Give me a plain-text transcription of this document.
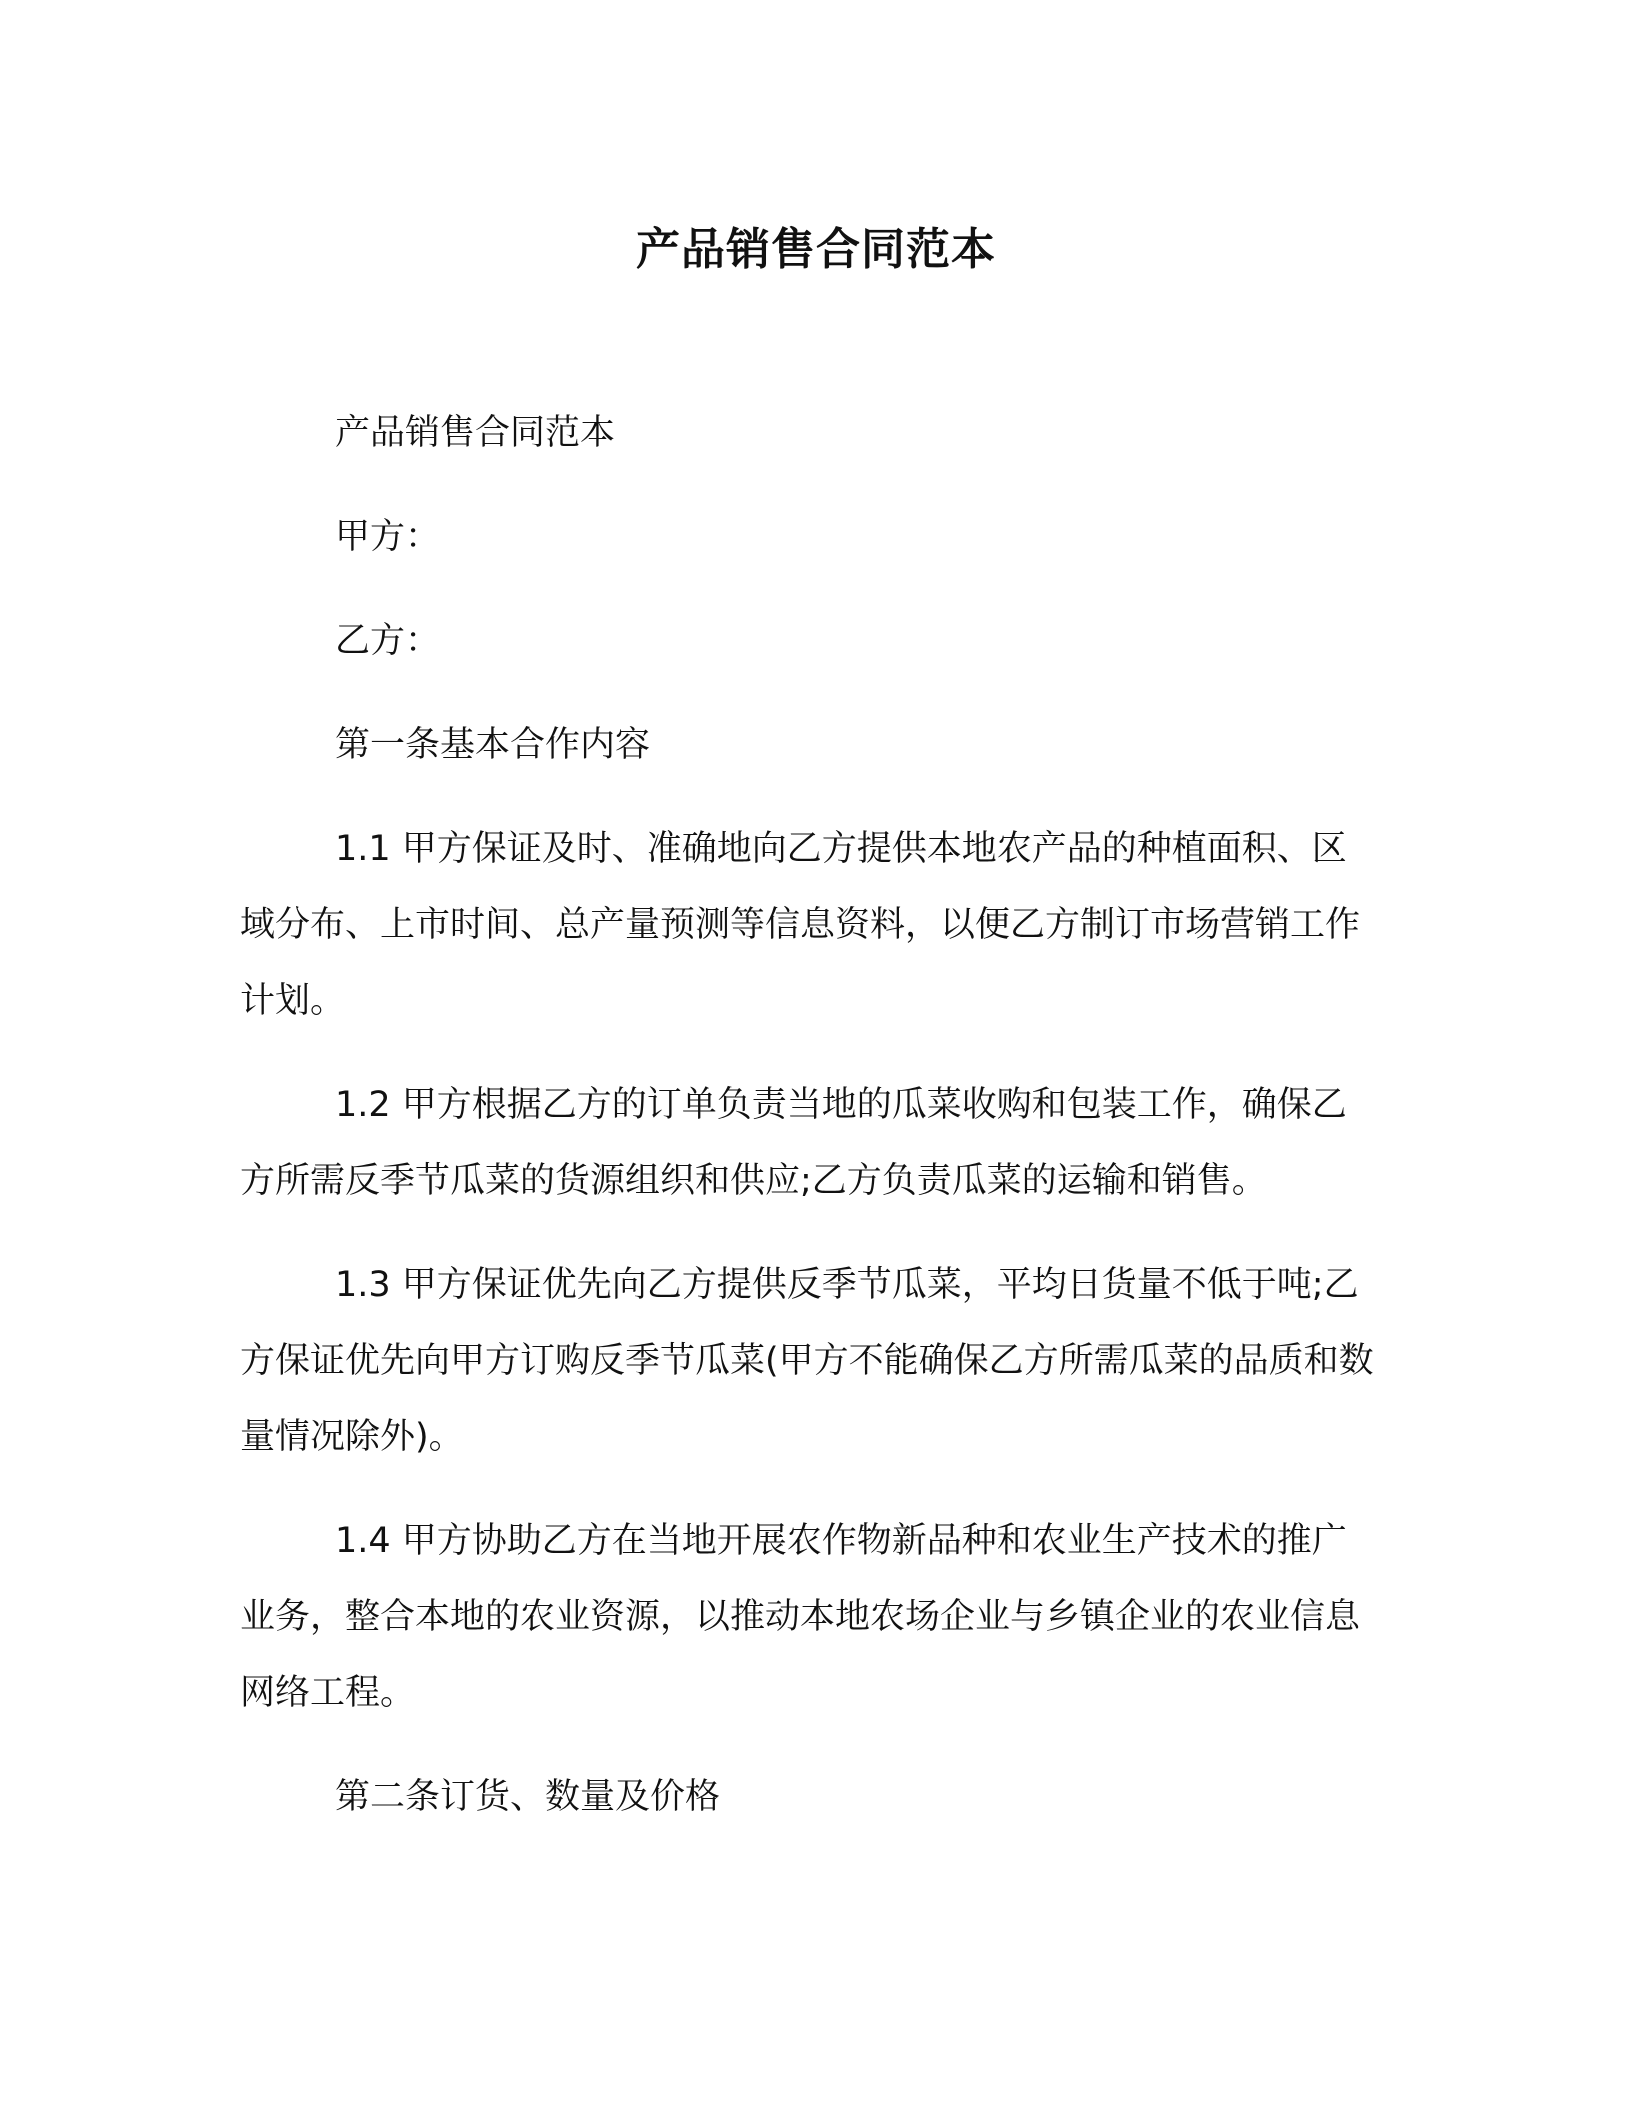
产品销售合同范本

产品销售合同范本

甲方：

乙方：

第一条基本合作内容

1.1 甲方保证及时、准确地向乙方提供本地农产品的种植面积、区域分布、上市时间、总产量预测等信息资料，以便乙方制订市场营销工作计划。

1.2 甲方根据乙方的订单负责当地的瓜菜收购和包装工作，确保乙方所需反季节瓜菜的货源组织和供应;乙方负责瓜菜的运输和销售。

1.3 甲方保证优先向乙方提供反季节瓜菜，平均日货量不低于吨;乙方保证优先向甲方订购反季节瓜菜(甲方不能确保乙方所需瓜菜的品质和数量情况除外)。

1.4 甲方协助乙方在当地开展农作物新品种和农业生产技术的推广业务，整合本地的农业资源，以推动本地农场企业与乡镇企业的农业信息网络工程。

第二条订货、数量及价格
